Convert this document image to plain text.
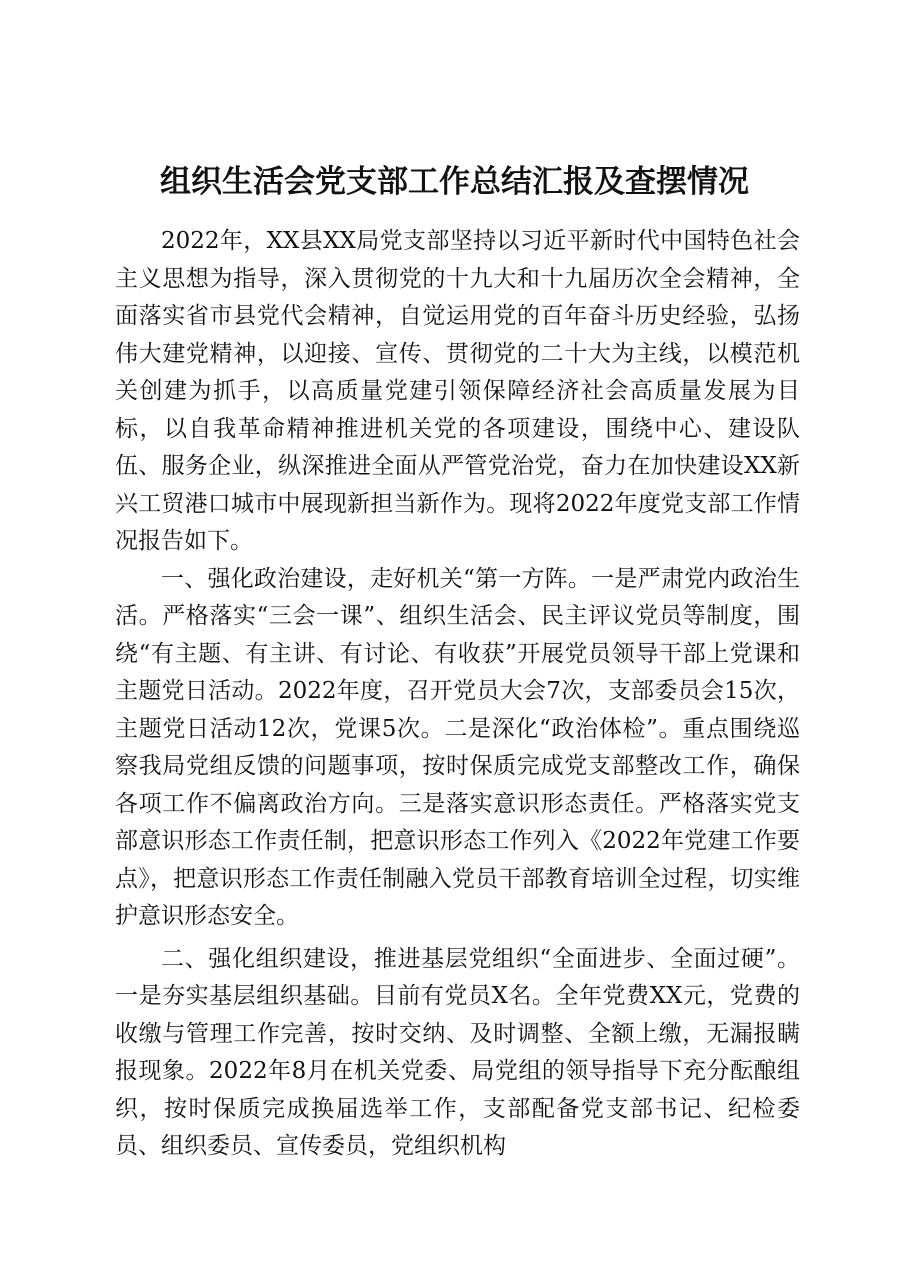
组织生活会党支部工作总结汇报及查摆情况

2022年，XX县XX局党支部坚持以习近平新时代中国特色社会主义思想为指导，深入贯彻党的十九大和十九届历次全会精神，全面落实省市县党代会精神，自觉运用党的百年奋斗历史经验，弘扬伟大建党精神，以迎接、宣传、贯彻党的二十大为主线，以模范机关创建为抓手，以高质量党建引领保障经济社会高质量发展为目标，以自我革命精神推进机关党的各项建设，围绕中心、建设队伍、服务企业，纵深推进全面从严管党治党，奋力在加快建设XX新兴工贸港口城市中展现新担当新作为。现将2022年度党支部工作情况报告如下。

一、强化政治建设，走好机关“第一方阵。一是严肃党内政治生活。严格落实“三会一课”、组织生活会、民主评议党员等制度，围绕“有主题、有主讲、有讨论、有收获”开展党员领导干部上党课和主题党日活动。2022年度，召开党员大会7次，支部委员会15次，主题党日活动12次，党课5次。二是深化“政治体检”。重点围绕巡察我局党组反馈的问题事项，按时保质完成党支部整改工作，确保各项工作不偏离政治方向。三是落实意识形态责任。严格落实党支部意识形态工作责任制，把意识形态工作列入《2022年党建工作要点》，把意识形态工作责任制融入党员干部教育培训全过程，切实维护意识形态安全。

二、强化组织建设，推进基层党组织“全面进步、全面过硬”。一是夯实基层组织基础。目前有党员X名。全年党费XX元，党费的收缴与管理工作完善，按时交纳、及时调整、全额上缴，无漏报瞒报现象。2022年8月在机关党委、局党组的领导指导下充分酝酿组织，按时保质完成换届选举工作，支部配备党支部书记、纪检委员、组织委员、宣传委员，党组织机构
